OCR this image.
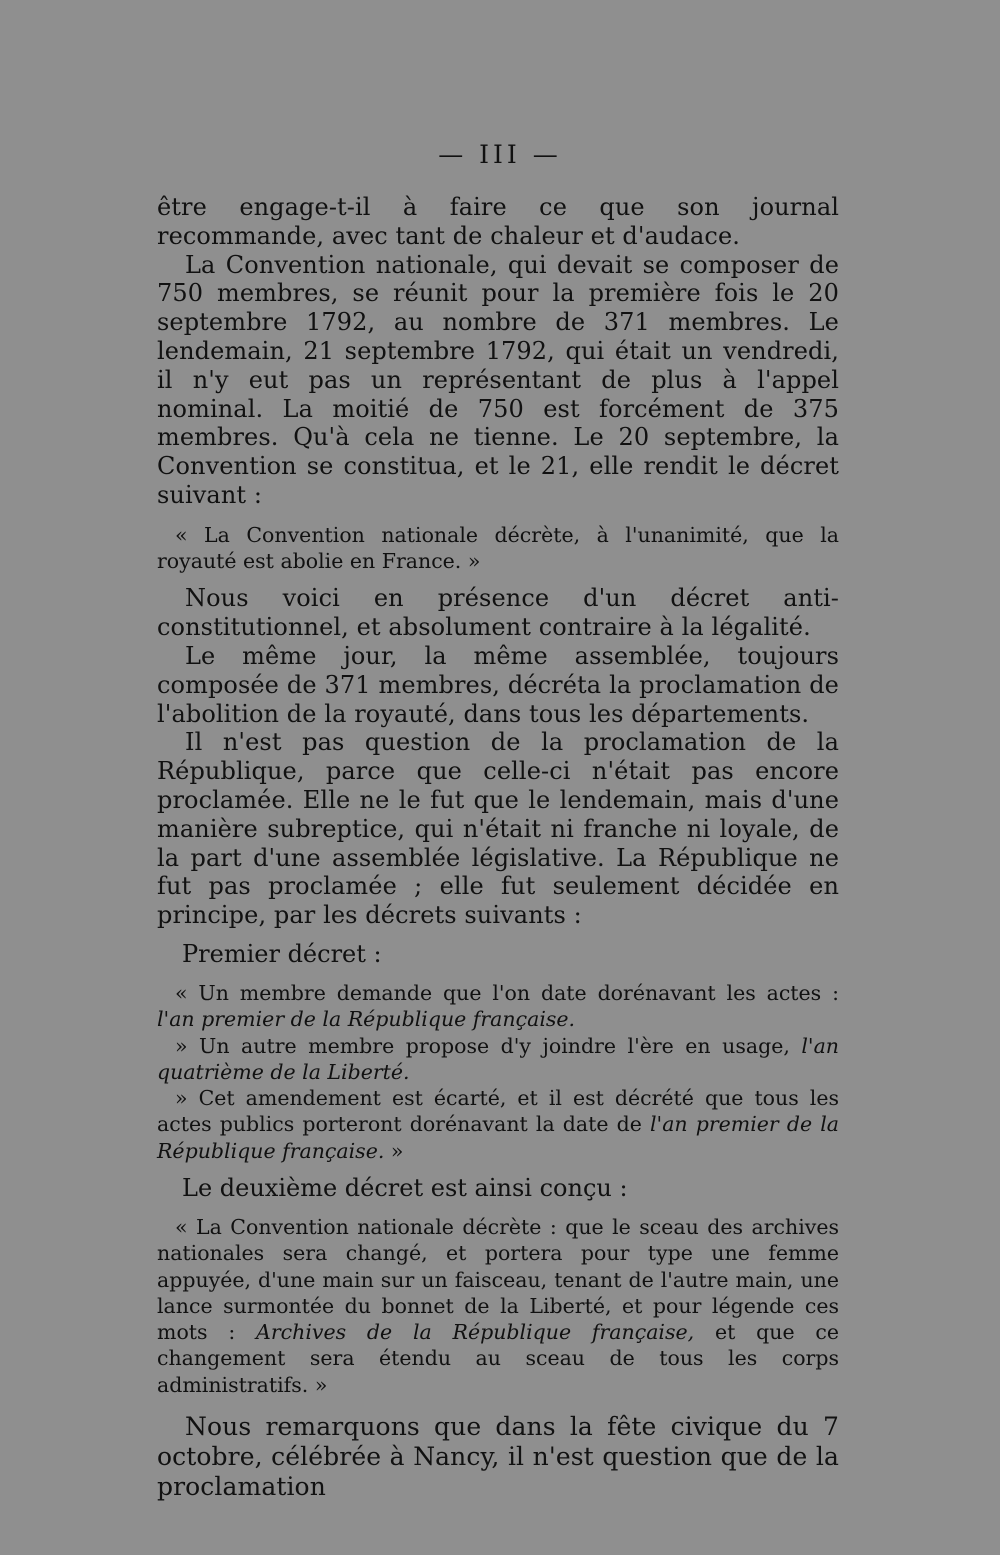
— III —

être engage-t-il à faire ce que son journal recommande, avec tant de chaleur et d'audace.

La Convention nationale, qui devait se composer de 750 membres, se réunit pour la première fois le 20 septembre 1792, au nombre de 371 membres. Le lendemain, 21 septembre 1792, qui était un vendredi, il n'y eut pas un représentant de plus à l'appel nominal. La moitié de 750 est forcément de 375 membres. Qu'à cela ne tienne. Le 20 septembre, la Convention se constitua, et le 21, elle rendit le décret suivant :

« La Convention nationale décrète, à l'unanimité, que la royauté est abolie en France. »

Nous voici en présence d'un décret anti-constitutionnel, et absolument contraire à la légalité.

Le même jour, la même assemblée, toujours composée de 371 membres, décréta la proclamation de l'abolition de la royauté, dans tous les départements.

Il n'est pas question de la proclamation de la République, parce que celle-ci n'était pas encore proclamée. Elle ne le fut que le lendemain, mais d'une manière subreptice, qui n'était ni franche ni loyale, de la part d'une assemblée législative. La République ne fut pas proclamée ; elle fut seulement décidée en principe, par les décrets suivants :

Premier décret :

« Un membre demande que l'on date dorénavant les actes : l'an premier de la République française.

» Un autre membre propose d'y joindre l'ère en usage, l'an quatrième de la Liberté.

» Cet amendement est écarté, et il est décrété que tous les actes publics porteront dorénavant la date de l'an premier de la République française. »

Le deuxième décret est ainsi conçu :

« La Convention nationale décrète : que le sceau des archives nationales sera changé, et portera pour type une femme appuyée, d'une main sur un faisceau, tenant de l'autre main, une lance surmontée du bonnet de la Liberté, et pour légende ces mots : Archives de la République française, et que ce changement sera étendu au sceau de tous les corps administratifs. »

Nous remarquons que dans la fête civique du 7 octobre, célébrée à Nancy, il n'est question que de la proclamation
